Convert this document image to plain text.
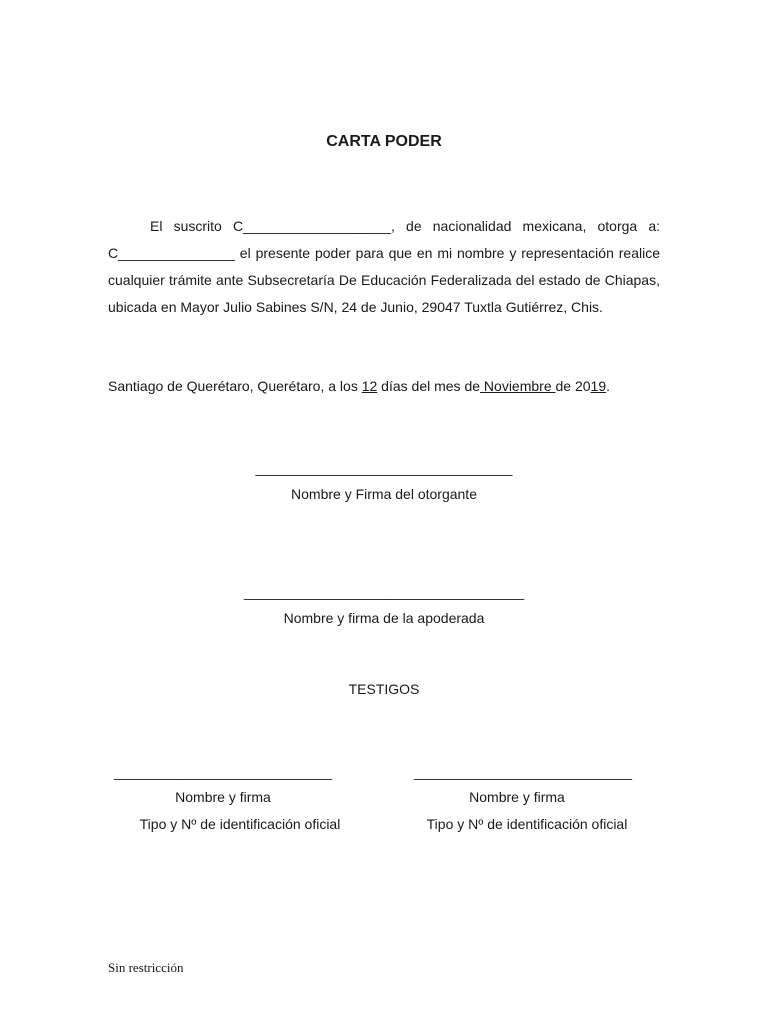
CARTA PODER
El suscrito C___________________, de nacionalidad mexicana, otorga a: C_______________ el presente poder para que en mi nombre y representación realice cualquier trámite ante Subsecretaría De Educación Federalizada del estado de Chiapas, ubicada en Mayor Julio Sabines S/N, 24 de Junio, 29047 Tuxtla Gutiérrez, Chis.
Santiago de Querétaro, Querétaro, a los 12 días del mes de Noviembre de 2019.
_________________________________
Nombre y Firma del otorgante
____________________________________
Nombre y firma de la apoderada
TESTIGOS
____________________________
Nombre y firma
Tipo y Nº de identificación oficial
____________________________
Nombre y firma
Tipo y Nº de identificación oficial
Sin restricción
